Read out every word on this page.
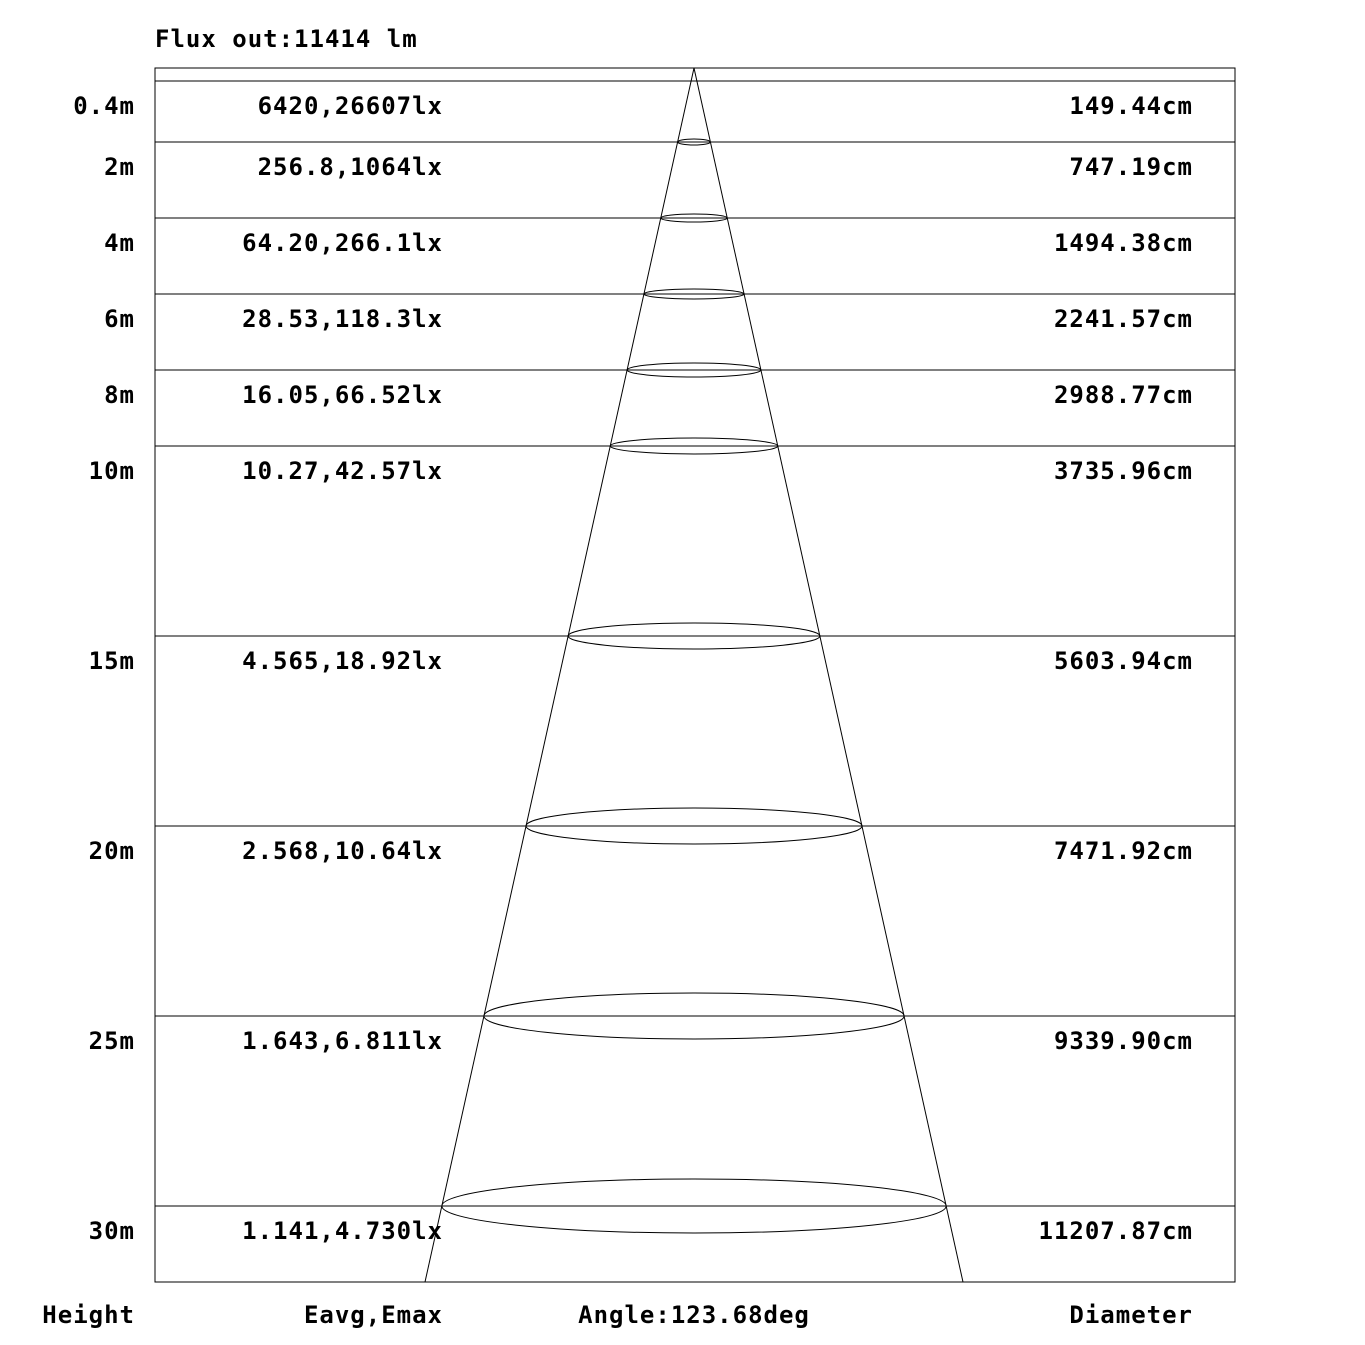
Flux out:11414 lm
0.4m	6420,26607lx	149.44cm
2m	256.8,1064lx	747.19cm
4m	64.20,266.1lx	1494.38cm
6m	28.53,118.3lx	2241.57cm
8m	16.05,66.52lx	2988.77cm
10m	10.27,42.57lx	3735.96cm
15m	4.565,18.92lx	5603.94cm
20m	2.568,10.64lx	7471.92cm
25m	1.643,6.811lx	9339.90cm
30m	1.141,4.730lx	11207.87cm
Height	Eavg,Emax	Angle:123.68deg	Diameter
